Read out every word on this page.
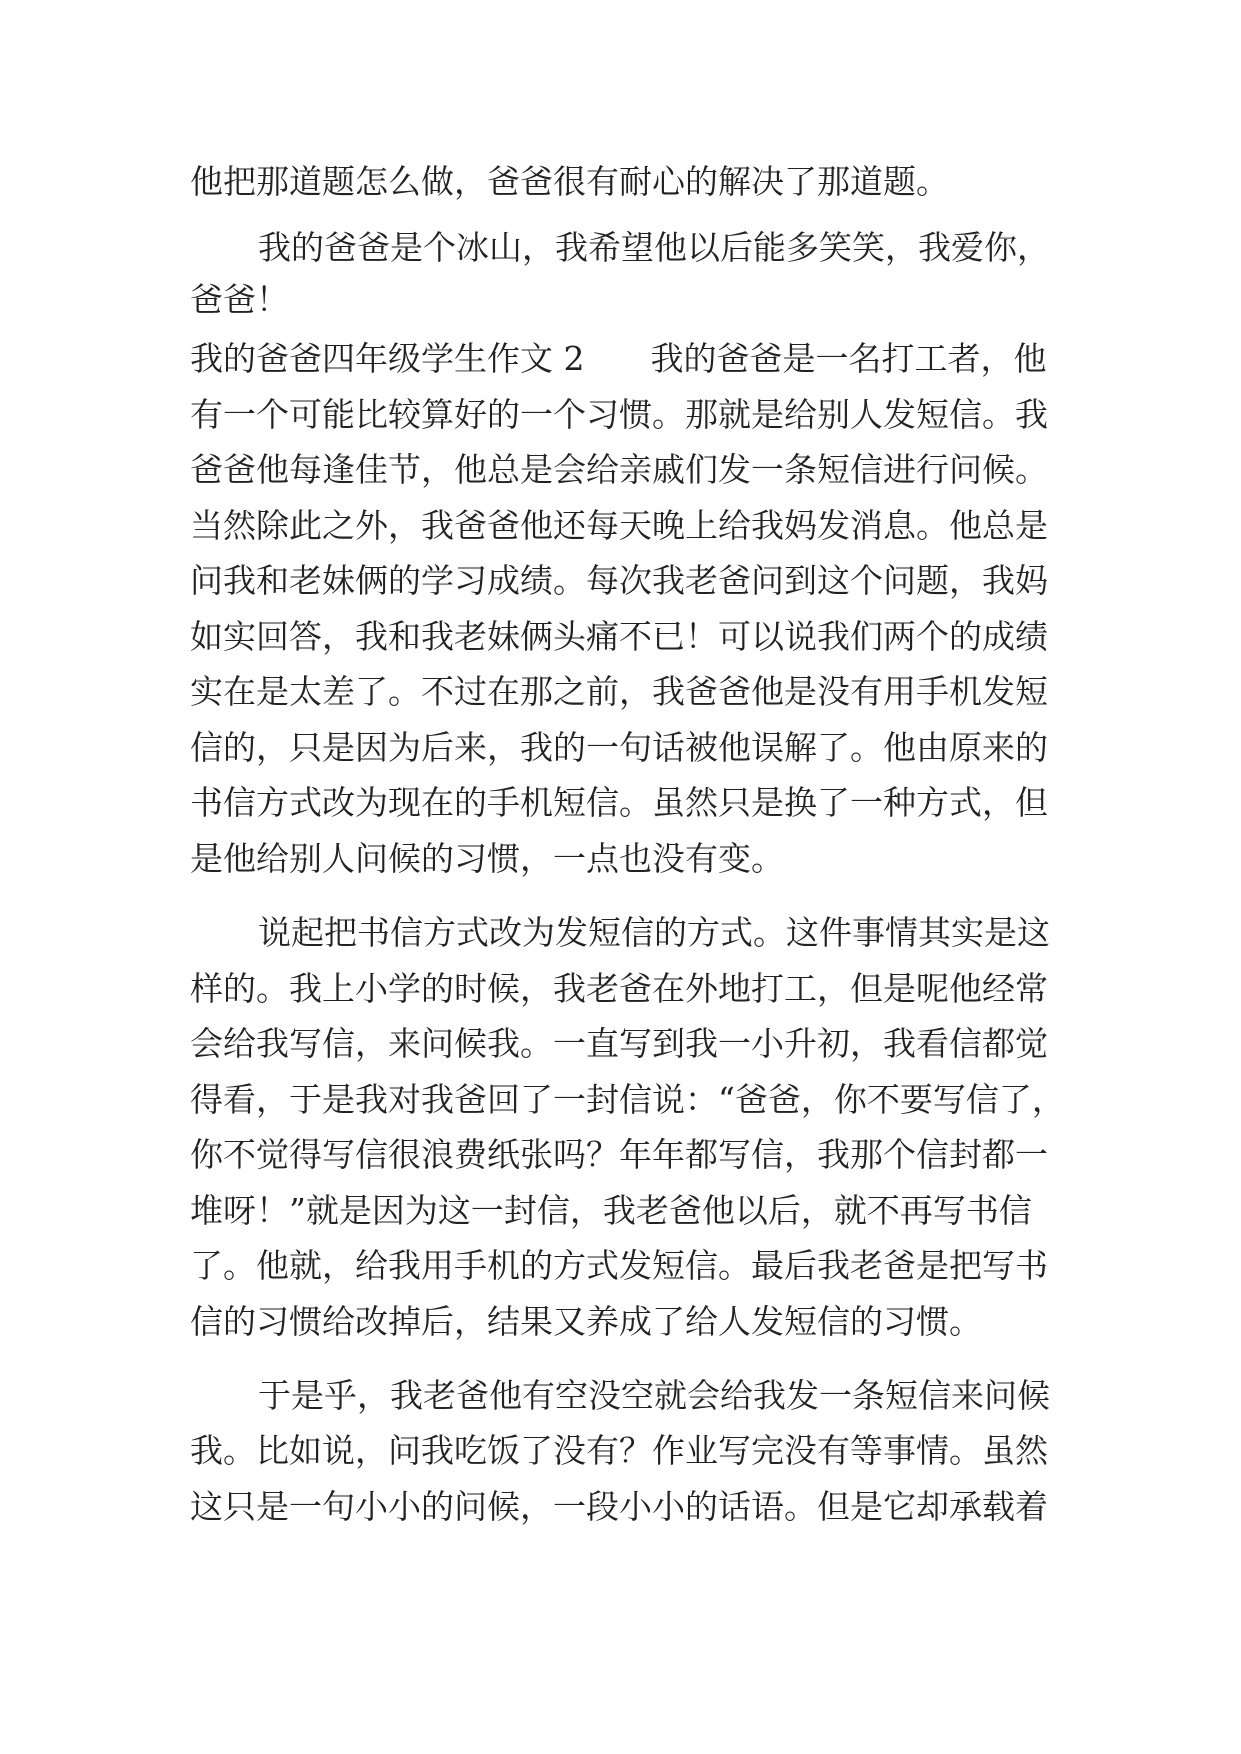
他把那道题怎么做，爸爸很有耐心的解决了那道题。
我的爸爸是个冰山，我希望他以后能多笑笑，我爱你，
爸爸！
我的爸爸四年级学生作文 2　　我的爸爸是一名打工者，他
有一个可能比较算好的一个习惯。那就是给别人发短信。我
爸爸他每逢佳节，他总是会给亲戚们发一条短信进行问候。
当然除此之外，我爸爸他还每天晚上给我妈发消息。他总是
问我和老妹俩的学习成绩。每次我老爸问到这个问题，我妈
如实回答，我和我老妹俩头痛不已！可以说我们两个的成绩
实在是太差了。不过在那之前，我爸爸他是没有用手机发短
信的，只是因为后来，我的一句话被他误解了。他由原来的
书信方式改为现在的手机短信。虽然只是换了一种方式，但
是他给别人问候的习惯，一点也没有变。
说起把书信方式改为发短信的方式。这件事情其实是这
样的。我上小学的时候，我老爸在外地打工，但是呢他经常
会给我写信，来问候我。一直写到我一小升初，我看信都觉
得看，于是我对我爸回了一封信说：“爸爸，你不要写信了，
你不觉得写信很浪费纸张吗？年年都写信，我那个信封都一
堆呀！”就是因为这一封信，我老爸他以后，就不再写书信
了。他就，给我用手机的方式发短信。最后我老爸是把写书
信的习惯给改掉后，结果又养成了给人发短信的习惯。
于是乎，我老爸他有空没空就会给我发一条短信来问候
我。比如说，问我吃饭了没有？作业写完没有等事情。虽然
这只是一句小小的问候，一段小小的话语。但是它却承载着
